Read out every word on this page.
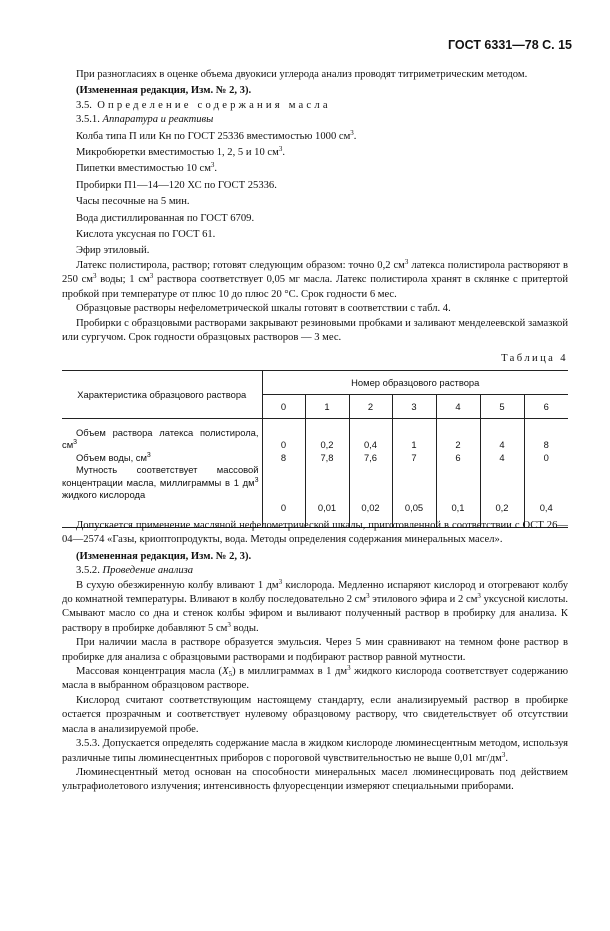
ГОСТ 6331—78 С. 15

При разногласиях в оценке объема двуокиси углерода анализ проводят титриметрическим методом.

(Измененная редакция, Изм. № 2, 3).

3.5. Определение содержания масла

3.5.1. Аппаратура и реактивы

Колба типа П или Кн по ГОСТ 25336 вместимостью 1000 $см^3$.

Микробюретки вместимостью 1, 2, 5 и 10 $см^3$.

Пипетки вместимостью 10 $см^3$.

Пробирки П1—14—120 ХС по ГОСТ 25336.

Часы песочные на 5 мин.

Вода дистиллированная по ГОСТ 6709.

Кислота уксусная по ГОСТ 61.

Эфир этиловый.

Латекс полистирола, раствор; готовят следующим образом: точно 0,2 $см^3$ латекса полистирола растворяют в 250 $см^3$ воды; 1 $см^3$ раствора соответствует 0,05 мг масла. Латекс полистирола хранят в склянке с притертой пробкой при температуре от плюс 10 до плюс 20 °С. Срок годности 6 мес.

Образцовые растворы нефелометрической шкалы готовят в соответствии с табл. 4.

Пробирки с образцовыми растворами закрывают резиновыми пробками и заливают менделеевской замазкой или сургучом. Срок годности образцовых растворов — 3 мес.

Таблица 4
Характеристика образцового раствора	Номер образцового раствора						
	0	1	2	3	4	5	6
Объем раствора латекса полистирола, $см^3$	0	0,2	0,4	1	2	4	8
Объем воды, $см^3$	8	7,8	7,6	7	6	4	0
Мутность соответствует массовой концентрации масла, миллиграммы в 1 $дм^3$ жидкого кислорода	0	0,01	0,02	0,05	0,1	0,2	0,4

Допускается применение масляной нефелометрической шкалы, приготовленной в соответствии с ОСТ 26—04—2574 «Газы, криоптопродукты, вода. Методы определения содержания минеральных масел».

(Измененная редакция, Изм. № 2, 3).

3.5.2. Проведение анализа

В сухую обезжиренную колбу вливают 1 $дм^3$ кислорода. Медленно испаряют кислород и отогревают колбу до комнатной температуры. Вливают в колбу последовательно 2 $см^3$ этилового эфира и 2 $см^3$ уксусной кислоты. Смывают масло со дна и стенок колбы эфиром и выливают полученный раствор в пробирку для анализа. К раствору в пробирке добавляют 5 $см^3$ воды.

При наличии масла в растворе образуется эмульсия. Через 5 мин сравнивают на темном фоне раствор в пробирке для анализа с образцовыми растворами и подбирают раствор равной мутности.

Массовая концентрация масла $(X_5)$ в миллиграммах в 1 $дм^3$ жидкого кислорода соответствует содержанию масла в выбранном образцовом растворе.

Кислород считают соответствующим настоящему стандарту, если анализируемый раствор в пробирке остается прозрачным и соответствует нулевому образцовому раствору, что свидетельствует об отсутствии масла в анализируемой пробе.

3.5.3. Допускается определять содержание масла в жидком кислороде люминесцентным методом, используя различные типы люминесцентных приборов с пороговой чувствительностью не выше 0,01 $мг/дм^3$.

Люминесцентный метод основан на способности минеральных масел люминесцировать под действием ультрафиолетового излучения; интенсивность флуоресценции измеряют специальными приборами.
